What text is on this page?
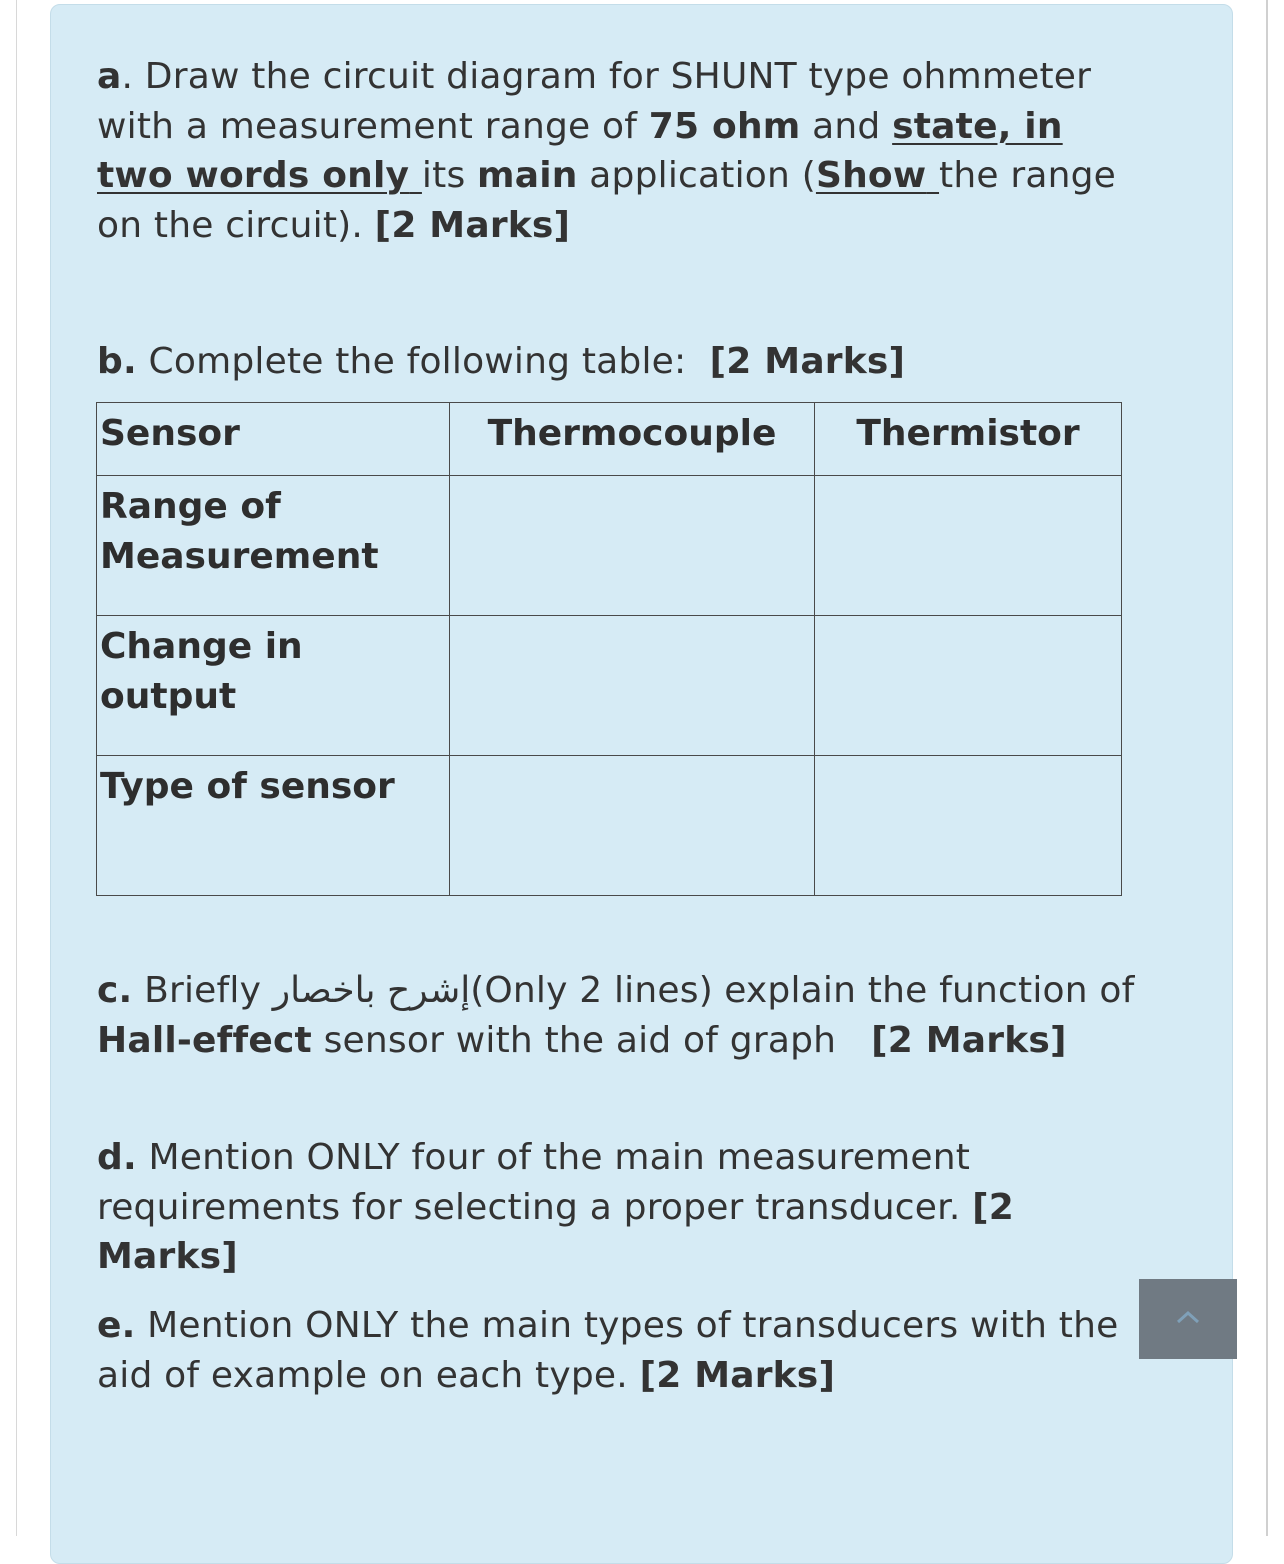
a. Draw the circuit diagram for SHUNT type ohmmeter with a measurement range of 75 ohm and state, in two words only its main application (Show the range on the circuit). [2 Marks]

b. Complete the following table:  [2 Marks]

Sensor	Thermocouple	Thermistor
Range of Measurement		
Change in output		
Type of sensor		

c. Briefly إشرح باخصار(Only 2 lines) explain the function of Hall-effect sensor with the aid of graph   [2 Marks]

d. Mention ONLY four of the main measurement requirements for selecting a proper transducer. [2 Marks]

e. Mention ONLY the main types of transducers with the aid of example on each type. [2 Marks]
